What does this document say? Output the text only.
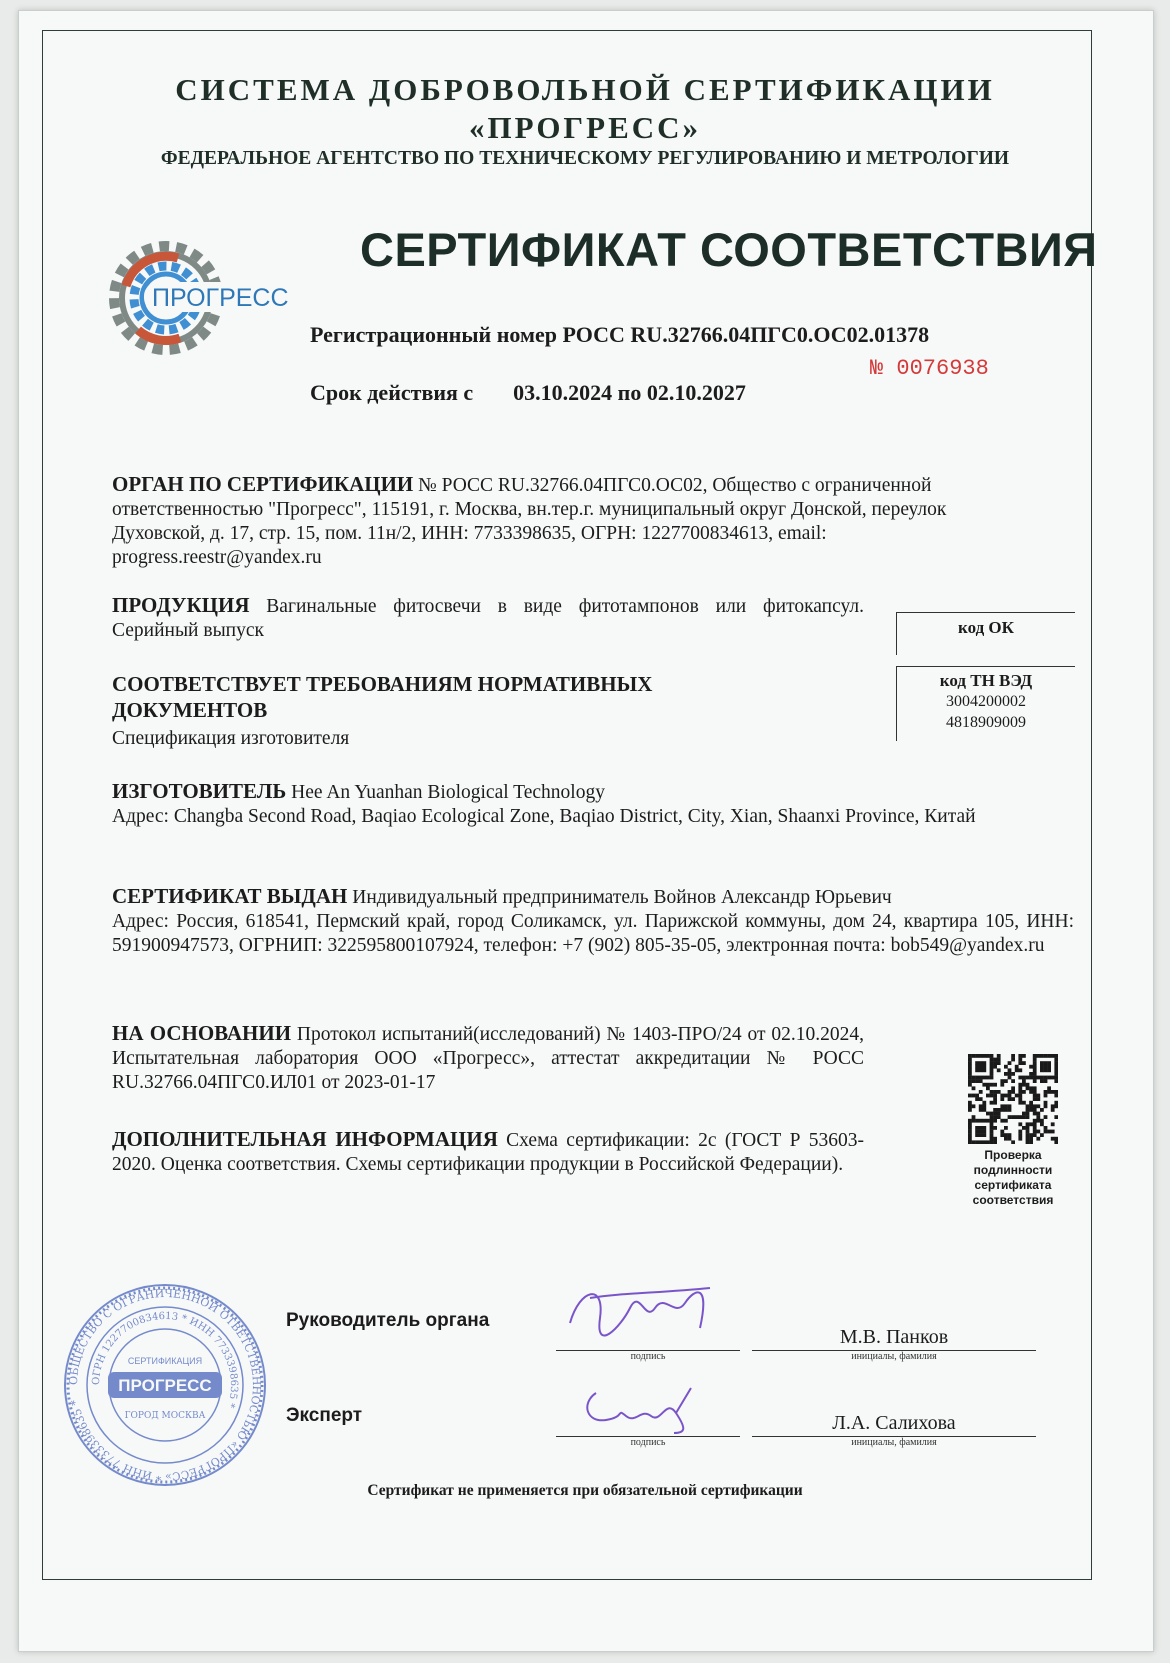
СИСТЕМА ДОБРОВОЛЬНОЙ СЕРТИФИКАЦИИ

«ПРОГРЕСС»

ФЕДЕРАЛЬНОЕ АГЕНТСТВО ПО ТЕХНИЧЕСКОМУ РЕГУЛИРОВАНИЮ И МЕТРОЛОГИИ

ПРОГРЕСС

СЕРТИФИКАТ СООТВЕТСТВИЯ

Регистрационный номер РОСС RU.32766.04ПГС0.ОС02.01378

№ 0076938

Срок действия с 03.10.2024 по 02.10.2027

ОРГАН ПО СЕРТИФИКАЦИИ № РОСС RU.32766.04ПГС0.ОС02, Общество с ограниченной ответственностью "Прогресс", 115191, г. Москва, вн.тер.г. муниципальный округ Донской, переулок Духовской, д. 17, стр. 15, пом. 11н/2, ИНН: 7733398635, ОГРН: 1227700834613, email: progress.reestr@yandex.ru

ПРОДУКЦИЯ Вагинальные фитосвечи в виде фитотампонов или фитокапсул. Серийный выпуск	код ОК
код ТН ВЭД
3004200002
4818909009

СООТВЕТСТВУЕТ ТРЕБОВАНИЯМ НОРМАТИВНЫХ ДОКУМЕНТОВ

Спецификация изготовителя

ИЗГОТОВИТЕЛЬ Hee An Yuanhan Biological Technology

Адрес: Changba Second Road, Baqiao Ecological Zone, Baqiao District, City, Xian, Shaanxi Province, Китай

СЕРТИФИКАТ ВЫДАН Индивидуальный предприниматель Войнов Александр Юрьевич

Адрес: Россия, 618541, Пермский край, город Соликамск, ул. Парижской коммуны, дом 24, квартира 105, ИНН: 591900947573, ОГРНИП: 322595800107924, телефон: +7 (902) 805-35-05, электронная почта: bob549@yandex.ru

НА ОСНОВАНИИ Протокол испытаний(исследований) № 1403-ПРО/24 от 02.10.2024, Испытательная лаборатория ООО «Прогресс», аттестат аккредитации № РОСС RU.32766.04ПГС0.ИЛ01 от 2023-01-17

ДОПОЛНИТЕЛЬНАЯ ИНФОРМАЦИЯ Схема сертификации: 2с (ГОСТ Р 53603-2020. Оценка соответствия. Схемы сертификации продукции в Российской Федерации).	Проверка
подлинности
сертификата
соответствия
ОБЩЕСТВО С ОГРАНИЧЕННОЙ ОТВЕТСТВЕННОСТЬЮ «ПРОГРЕСС» * ИНН 7733398635 *
ОГРН 1227700834613 * ИНН 7733398635 *
ПРОГРЕСС
СЕРТИФИКАЦИЯ
ГОРОД МОСКВА

Руководитель органа

подпись

М.В. Панков

инициалы, фамилия

Эксперт

подпись

Л.А. Салихова

инициалы, фамилия

Сертификат не применяется при обязательной сертификации
